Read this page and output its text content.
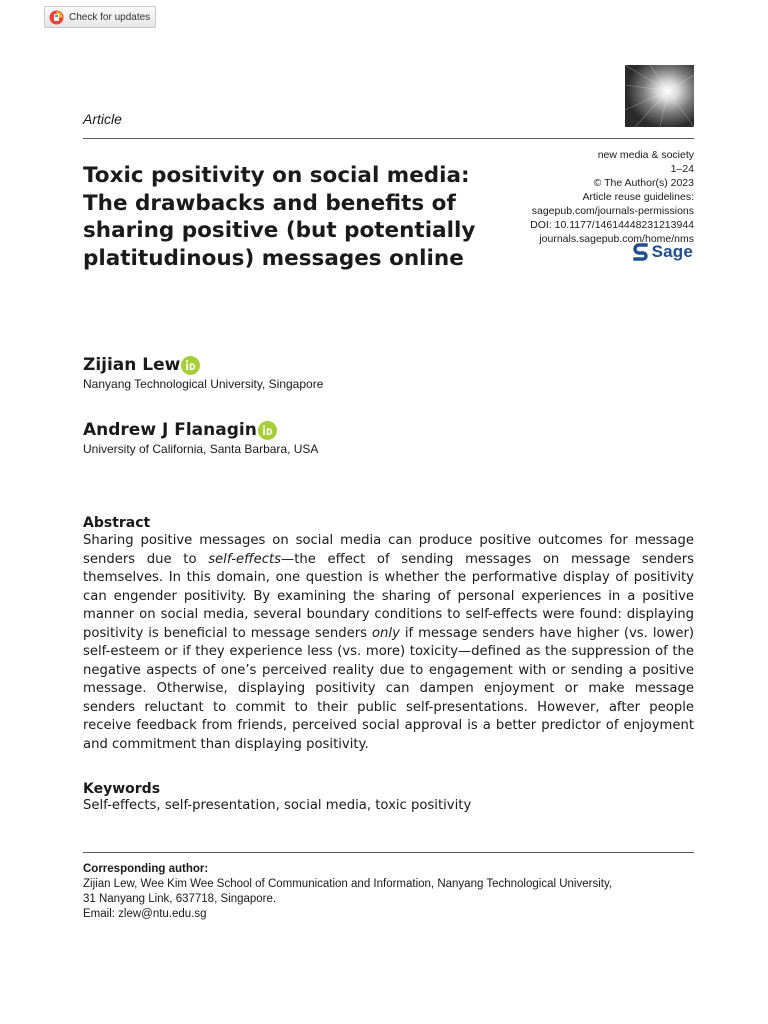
Check for updates
Article
new media & society
1–24
© The Author(s) 2023
Article reuse guidelines:
sagepub.com/journals-permissions
DOI: 10.1177/14614448231213944
journals.sagepub.com/home/nms
Sage
Toxic positivity on social media: The drawbacks and benefits of sharing positive (but potentially platitudinous) messages online
Zijian Lew
Nanyang Technological University, Singapore
Andrew J Flanagin
University of California, Santa Barbara, USA
Abstract

Sharing positive messages on social media can produce positive outcomes for message senders due to self-effects—the effect of sending messages on message senders themselves. In this domain, one question is whether the performative display of positivity can engender positivity. By examining the sharing of personal experiences in a positive manner on social media, several boundary conditions to self-effects were found: displaying positivity is beneficial to message senders only if message senders have higher (vs. lower) self-esteem or if they experience less (vs. more) toxicity—defined as the suppression of the negative aspects of one’s perceived reality due to engagement with or sending a positive message. Otherwise, displaying positivity can dampen enjoyment or make message senders reluctant to commit to their public self-presentations. However, after people receive feedback from friends, perceived social approval is a better predictor of enjoyment and commitment than displaying positivity.

Keywords
Self-effects, self-presentation, social media, toxic positivity
Corresponding author:
Zijian Lew, Wee Kim Wee School of Communication and Information, Nanyang Technological University,
31 Nanyang Link, 637718, Singapore.
Email: zlew@ntu.edu.sg
